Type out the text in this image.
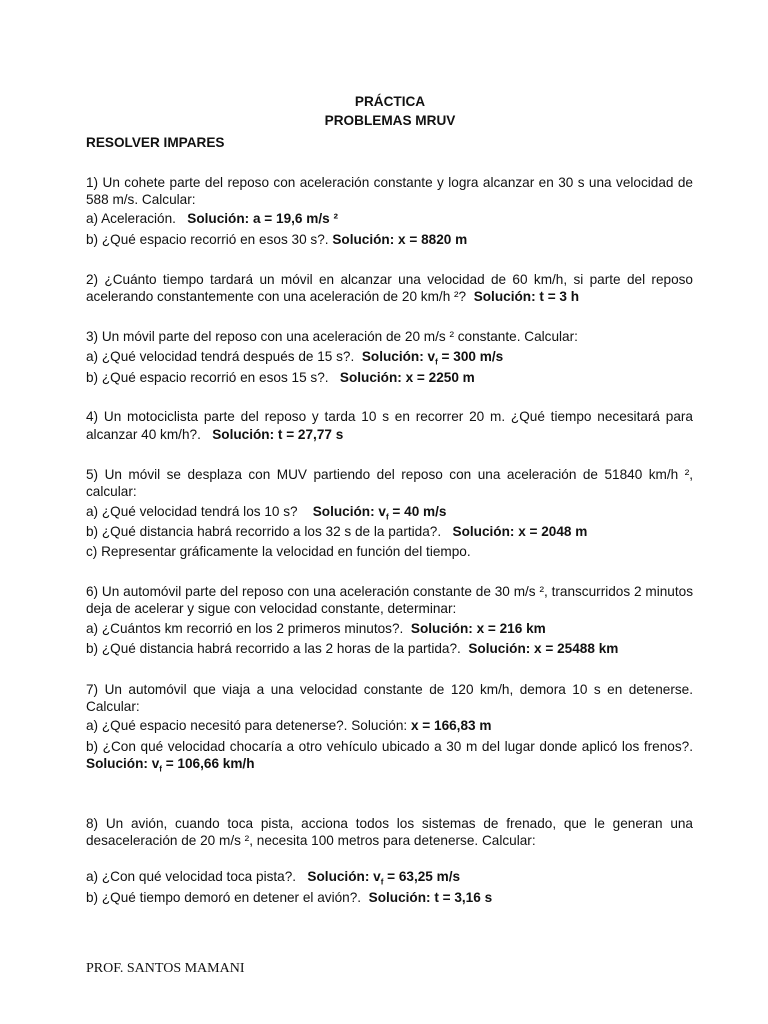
PRÁCTICA
PROBLEMAS MRUV
RESOLVER IMPARES
1) Un cohete parte del reposo con aceleración constante y logra alcanzar en 30 s una velocidad de
588 m/s. Calcular:
a) Aceleración. Solución: a = 19,6 m/s ²
b) ¿Qué espacio recorrió en esos 30 s?. Solución: x = 8820 m
2) ¿Cuánto tiempo tardará un móvil en alcanzar una velocidad de 60 km/h, si parte del reposo
acelerando constantemente con una aceleración de 20 km/h ²? Solución: t = 3 h
3) Un móvil parte del reposo con una aceleración de 20 m/s ² constante. Calcular:
a) ¿Qué velocidad tendrá después de 15 s?. Solución: $v_f = 300$ m/s
b) ¿Qué espacio recorrió en esos 15 s?. Solución: x = 2250 m
4) Un motociclista parte del reposo y tarda 10 s en recorrer 20 m. ¿Qué tiempo necesitará para
alcanzar 40 km/h?. Solución: t = 27,77 s
5) Un móvil se desplaza con MUV partiendo del reposo con una aceleración de 51840 km/h ²,
calcular:
a) ¿Qué velocidad tendrá los 10 s? Solución: $v_f = 40$ m/s
b) ¿Qué distancia habrá recorrido a los 32 s de la partida?. Solución: x = 2048 m
c) Representar gráficamente la velocidad en función del tiempo.
6) Un automóvil parte del reposo con una aceleración constante de 30 m/s ², transcurridos 2 minutos
deja de acelerar y sigue con velocidad constante, determinar:
a) ¿Cuántos km recorrió en los 2 primeros minutos?. Solución: x = 216 km
b) ¿Qué distancia habrá recorrido a las 2 horas de la partida?. Solución: x = 25488 km
7) Un automóvil que viaja a una velocidad constante de 120 km/h, demora 10 s en detenerse.
Calcular:
a) ¿Qué espacio necesitó para detenerse?. Solución: x = 166,83 m
b) ¿Con qué velocidad chocaría a otro vehículo ubicado a 30 m del lugar donde aplicó los frenos?.
Solución: $v_f = 106,66$ km/h
8) Un avión, cuando toca pista, acciona todos los sistemas de frenado, que le generan una
desaceleración de 20 m/s ², necesita 100 metros para detenerse. Calcular:
a) ¿Con qué velocidad toca pista?. Solución: $v_f = 63,25$ m/s
b) ¿Qué tiempo demoró en detener el avión?. Solución: t = 3,16 s
PROF. SANTOS MAMANI
